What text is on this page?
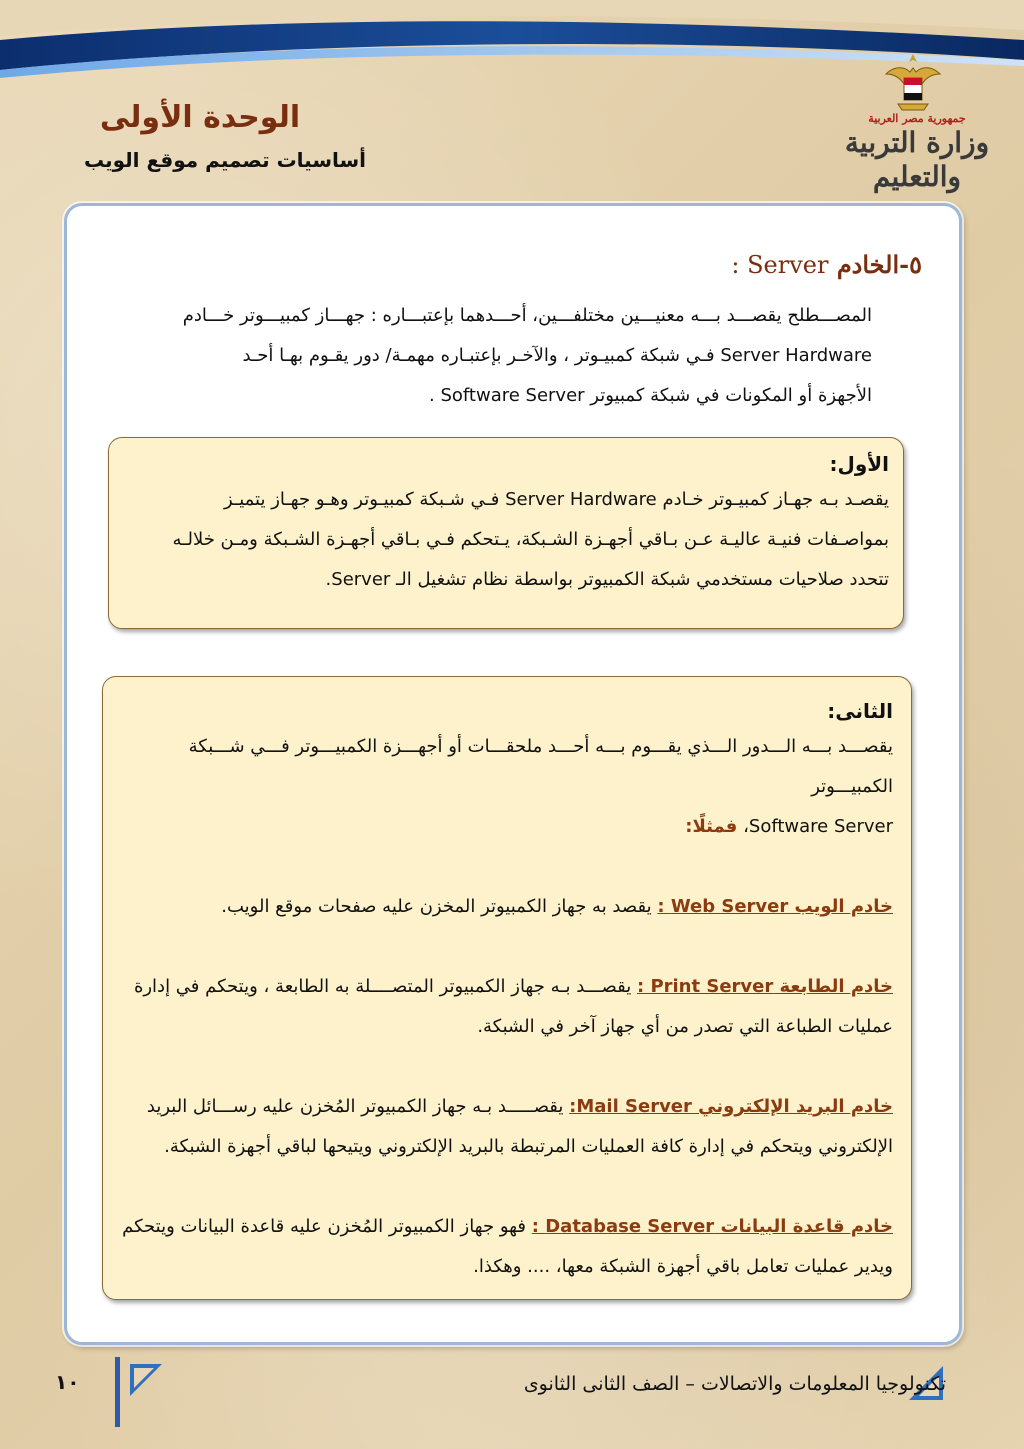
جمهورية مصر العربية
وزارة التربية والتعليم
الوحدة الأولى
أساسيات تصميم موقع الويب
٥-الخادم Server :
المصـــطلح يقصـــد بـــه معنيـــين مختلفـــين، أحـــدهما بإعتبـــاره : جهـــاز كمبيـــوتر خـــادم
Server Hardware فـي شبكة كمبيـوتر ، والآخـر بإعتبـاره مهمـة/ دور يقـوم بهـا أحـد
الأجهزة أو المكونات في شبكة كمبيوتر Software Server .
الأول:
يقصـد بـه جهـاز كمبيـوتر خـادم Server Hardware فـي شـبكة كمبيـوتر وهـو جهـاز يتميـز
بمواصـفات فنيـة عاليـة عـن بـاقي أجهـزة الشـبكة، يـتحكم فـي بـاقي أجهـزة الشـبكة ومـن خلالـه
تتحدد صلاحيات مستخدمي شبكة الكمبيوتر بواسطة نظام تشغيل الـ Server.
الثانى:
يقصـــد بـــه الـــدور الـــذي يقـــوم بـــه أحـــد ملحقـــات أو أجهـــزة الكمبيـــوتر فـــي شـــبكة الكمبيـــوتر
Software Server، فمثلًا:
خادم الويب Web Server : يقصد به جهاز الكمبيوتر المخزن عليه صفحات موقع الويب.
خادم الطابعة Print Server : يقصـــد بـه جهاز الكمبيوتر المتصــــلة به الطابعة ، ويتحكم في إدارة
عمليات الطباعة التي تصدر من أي جهاز آخر في الشبكة.
خادم البريد الإلكتروني Mail Server: يقصـــــد بـه جهاز الكمبيوتر المُخزن عليه رســـائل البريد
الإلكتروني ويتحكم في إدارة كافة العمليات المرتبطة بالبريد الإلكتروني ويتيحها لباقي أجهزة الشبكة.
خادم قاعدة البيانات Database Server : فهو جهاز الكمبيوتر المُخزن عليه قاعدة البيانات ويتحكم
ويدير عمليات تعامل باقي أجهزة الشبكة معها، .... وهكذا.
١٠	تكنولوجيا المعلومات والاتصالات – الصف الثانى الثانوى
